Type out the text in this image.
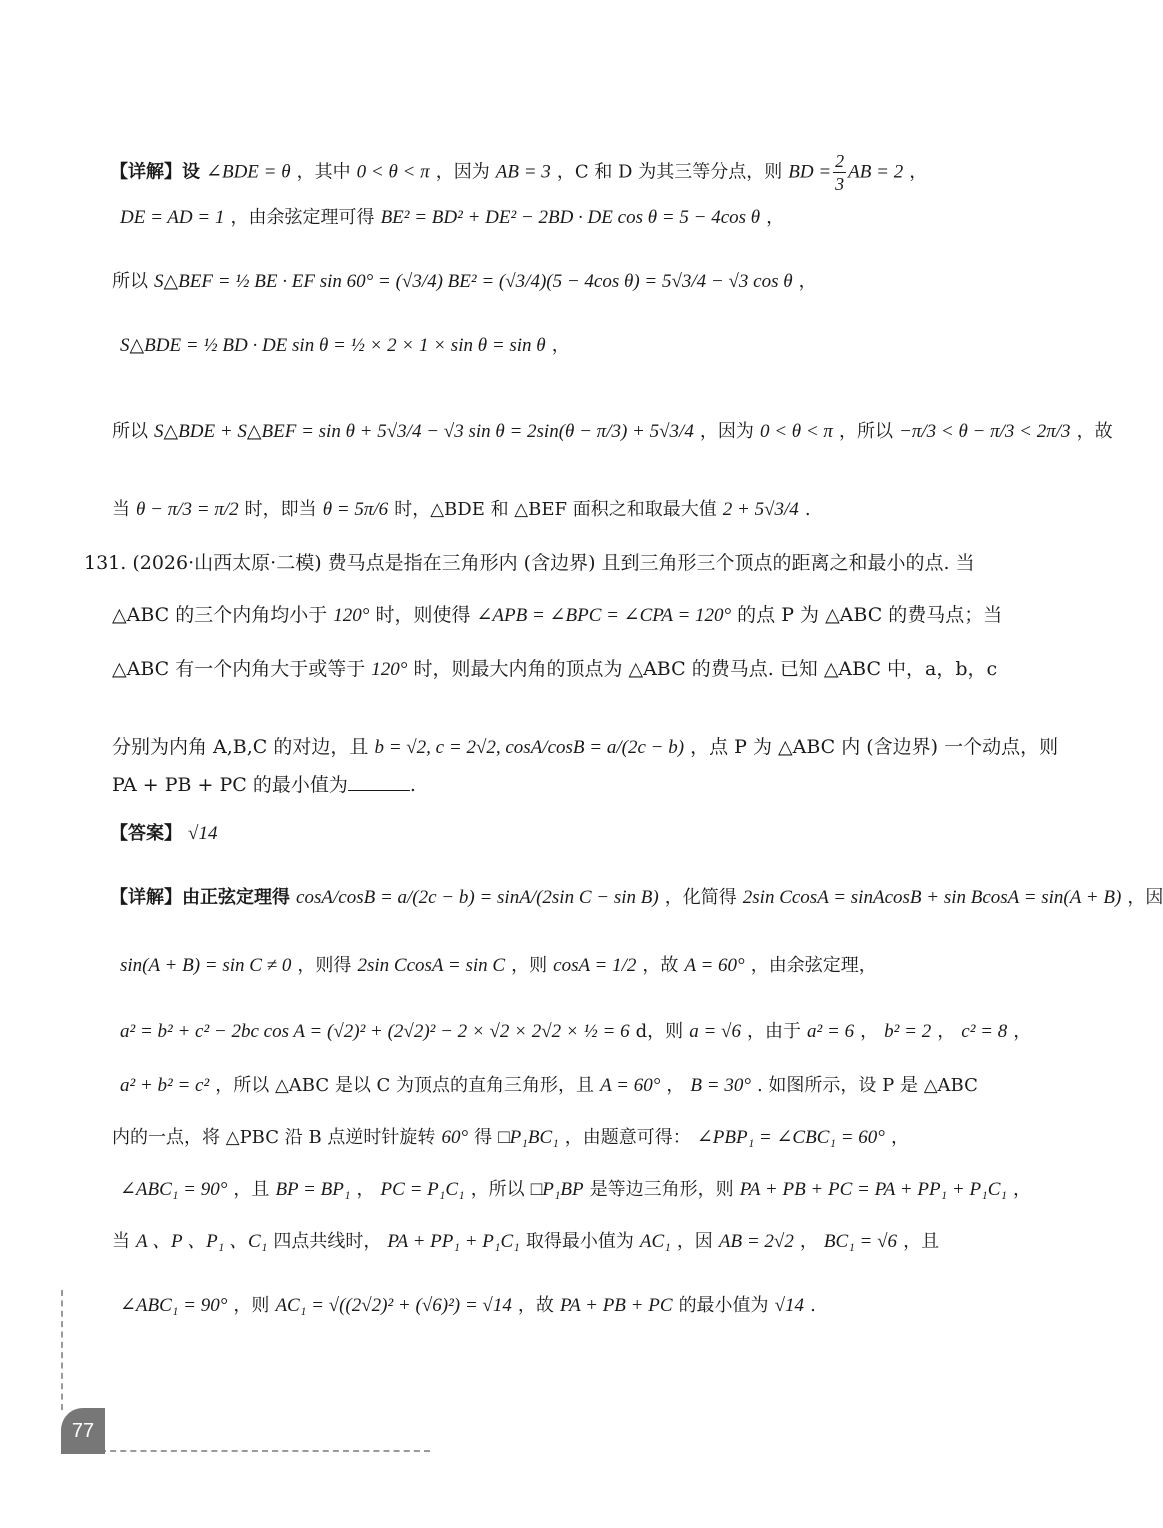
【详解】设 ∠BDE = θ ，其中 0 < θ < π ，因为 AB = 3 ，C 和 D 为其三等分点，则 BD = $\frac{2}{3}$ AB = 2 ，
DE = AD = 1 ，由余弦定理可得 BE² = BD² + DE² − 2BD · DE cos θ = 5 − 4cos θ ，
所以 S△BEF = ½ BE · EF sin 60° = (√3/4) BE² = (√3/4)(5 − 4cos θ) = 5√3/4 − √3 cos θ ，
S△BDE = ½ BD · DE sin θ = ½ × 2 × 1 × sin θ = sin θ ，
所以 S△BDE + S△BEF = sin θ + 5√3/4 − √3 sin θ = 2sin(θ − π/3) + 5√3/4 ，因为 0 < θ < π ，所以 −π/3 < θ − π/3 < 2π/3 ，故
当 θ − π/3 = π/2 时，即当 θ = 5π/6 时，△BDE 和 △BEF 面积之和取最大值 2 + 5√3/4 .
131. (2026·山西太原·二模) 费马点是指在三角形内 (含边界) 且到三角形三个顶点的距离之和最小的点. 当
△ABC 的三个内角均小于 120° 时，则使得 ∠APB = ∠BPC = ∠CPA = 120° 的点 P 为 △ABC 的费马点；当
△ABC 有一个内角大于或等于 120° 时，则最大内角的顶点为 △ABC 的费马点. 已知 △ABC 中，a，b，c
分别为内角 A,B,C 的对边，且 b = √2, c = 2√2, cosA/cosB = a/(2c − b) ，点 P 为 △ABC 内 (含边界) 一个动点，则
PA + PB + PC 的最小值为	.
【答案】 √14
【详解】由正弦定理得 cosA/cosB = a/(2c − b) = sinA/(2sin C − sin B) ，化简得 2sin CcosA = sinAcosB + sin BcosA = sin(A + B) ，因
sin(A + B) = sin C ≠ 0 ，则得 2sin CcosA = sin C ，则 cosA = 1/2 ，故 A = 60° ，由余弦定理，
a² = b² + c² − 2bc cos A = (√2)² + (2√2)² − 2 × √2 × 2√2 × ½ = 6 d，则 a = √6 ，由于 a² = 6 ， b² = 2 ， c² = 8 ，
a² + b² = c² ，所以 △ABC 是以 C 为顶点的直角三角形，且 A = 60° ， B = 30° . 如图所示，设 P 是 △ABC
内的一点，将 △PBC 沿 B 点逆时针旋转 60° 得 □P₁BC₁ ，由题意可得： ∠PBP₁ = ∠CBC₁ = 60° ，
∠ABC₁ = 90° ，且 BP = BP₁ ， PC = P₁C₁ ，所以 □P₁BP 是等边三角形，则 PA + PB + PC = PA + PP₁ + P₁C₁ ，
当 A 、P 、P₁ 、C₁ 四点共线时， PA + PP₁ + P₁C₁ 取得最小值为 AC₁ ，因 AB = 2√2 ， BC₁ = √6 ，且
∠ABC₁ = 90° ，则 AC₁ = √((2√2)² + (√6)²) = √14 ，故 PA + PB + PC 的最小值为 √14 .
77
